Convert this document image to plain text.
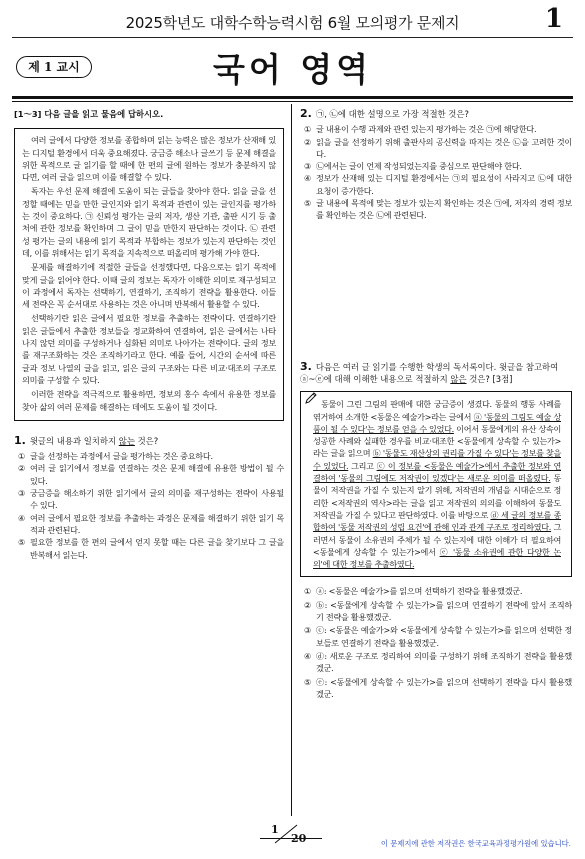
2025학년도 대학수학능력시험 6월 모의평가 문제지	1
제 1 교시	국어 영역
[1～3] 다음 글을 읽고 물음에 답하시오.

여러 글에서 다양한 정보를 종합하며 읽는 능력은 많은 정보가 산재해 있는 디지털 환경에서 더욱 중요해졌다. 궁금증 해소나 글쓰기 등 문제 해결을 위한 목적으로 글 읽기를 할 때에 한 편의 글에 원하는 정보가 충분하지 않다면, 여러 글을 읽으며 이를 해결할 수 있다.

독자는 우선 문제 해결에 도움이 되는 글들을 찾아야 한다. 읽을 글을 선정할 때에는 믿을 만한 글인지와 읽기 목적과 관련이 있는 글인지를 평가하는 것이 중요하다. ㉠ 신뢰성 평가는 글의 저자, 생산 기관, 출판 시기 등 출처에 관한 정보를 확인하며 그 글이 믿을 만한지 판단하는 것이다. ㉡ 관련성 평가는 글의 내용에 읽기 목적과 부합하는 정보가 있는지 판단하는 것인데, 이를 위해서는 읽기 목적을 지속적으로 떠올리며 평가해 가야 한다.

문제를 해결하기에 적절한 글들을 선정했다면, 다음으로는 읽기 목적에 맞게 글을 읽어야 한다. 이때 글의 정보는 독자가 이해한 의미로 재구성되고 이 과정에서 독자는 선택하기, 연결하기, 조직하기 전략을 활용한다. 이들 세 전략은 꼭 순서대로 사용하는 것은 아니며 반복해서 활용할 수 있다.

선택하기란 읽은 글에서 필요한 정보를 추출하는 전략이다. 연결하기란 읽은 글들에서 추출한 정보들을 정교화하여 연결하여, 읽은 글에서는 나타나지 않던 의미를 구성하거나 심화된 의미로 나아가는 전략이다. 글의 정보를 재구조화하는 것은 조직하기라고 한다. 예를 들어, 시간의 순서에 따른 글과 정보 나열의 글을 읽고, 읽은 글의 구조와는 다른 비교·대조의 구조로 의미를 구성할 수 있다.

이러한 전략을 적극적으로 활용하면, 정보의 홍수 속에서 유용한 정보를 찾아 삶의 여러 문제를 해결하는 데에도 도움이 될 것이다.

1. 윗글의 내용과 일치하지 않는 것은?
① 글을 선정하는 과정에서 글을 평가하는 것은 중요하다.
② 여러 글 읽기에서 정보를 연결하는 것은 문제 해결에 유용한 방법이 될 수 있다.
③ 궁금증을 해소하기 위한 읽기에서 글의 의미를 재구성하는 전략이 사용될 수 있다.
④ 여러 글에서 필요한 정보를 추출하는 과정은 문제를 해결하기 위한 읽기 목적과 관련된다.
⑤ 필요한 정보를 한 편의 글에서 얻지 못할 때는 다른 글을 찾기보다 그 글을 반복해서 읽는다.
2. ㉠, ㉡에 대한 설명으로 가장 적절한 것은?
① 글 내용이 수행 과제와 관련 있는지 평가하는 것은 ㉠에 해당한다.
② 읽을 글을 선정하기 위해 출판사의 공신력을 따지는 것은 ㉡을 고려한 것이다.
③ ㉡에서는 글이 언제 작성되었는지를 중심으로 판단해야 한다.
④ 정보가 산재해 있는 디지털 환경에서는 ㉠의 필요성이 사라지고 ㉡에 대한 요청이 증가한다.
⑤ 글 내용에 목적에 맞는 정보가 있는지 확인하는 것은 ㉠에, 저자의 경력 정보를 확인하는 것은 ㉡에 관련된다.
3. 다음은 여러 글 읽기를 수행한 학생의 독서록이다. 윗글을 참고하여 ⓐ~ⓔ에 대해 이해한 내용으로 적절하지 않은 것은? [3점]

동물이 그린 그림의 판매에 대한 궁금증이 생겼다. 동물의 행동 사례를 엮거하여 소개한 <동물은 예술가>라는 글에서 ⓐ '동물의 그림도 예술 상품이 될 수 있다'는 정보를 얻을 수 있었다. 이어서 동물에게의 유산 상속이 성공한 사례와 실패한 경우를 비교·대조한 <동물에게 상속할 수 있는가>라는 글을 읽으며 ⓑ '동물도 재산상의 권리를 가질 수 있다'는 정보를 찾을 수 있었다. 그리고 ⓒ 이 정보를 <동물은 예술가>에서 추출한 정보와 연결하여 '동물의 그림에도 저작권이 있겠다'는 새로운 의미를 떠올렸다. 동물이 저작권을 가질 수 있는지 알기 위해, 저작권의 개념을 시대순으로 정리한 <저작권의 역사>라는 글을 읽고 저작권의 의의를 이해하여 동물도 저작권을 가질 수 있다고 판단하였다. 이를 바탕으로 ⓓ 세 글의 정보를 종합하여 '동물 저작권의 성립 요건'에 관해 인과 관계 구조로 정리하였다. 그러면서 동물이 소유권의 주체가 될 수 있는지에 대한 이해가 더 필요하여 <동물에게 상속할 수 있는가>에서 ⓔ '동물 소유권에 관한 다양한 논의'에 대한 정보를 추출하였다.

① ⓐ: <동물은 예술가>를 읽으며 선택하기 전략을 활용했겠군.
② ⓑ: <동물에게 상속할 수 있는가>를 읽으며 연결하기 전략에 앞서 조직하기 전략을 활용했겠군.
③ ⓒ: <동물은 예술가>와 <동물에게 상속할 수 있는가>를 읽으며 선택한 정보들로 연결하기 전략을 활용했겠군.
④ ⓓ: 새로운 구조로 정리하여 의미를 구성하기 위해 조직하기 전략을 활용했겠군.
⑤ ⓔ: <동물에게 상속할 수 있는가>를 읽으며 선택하기 전략을 다시 활용했겠군.
1
20	이 문제지에 관한 저작권은 한국교육과정평가원에 있습니다.
